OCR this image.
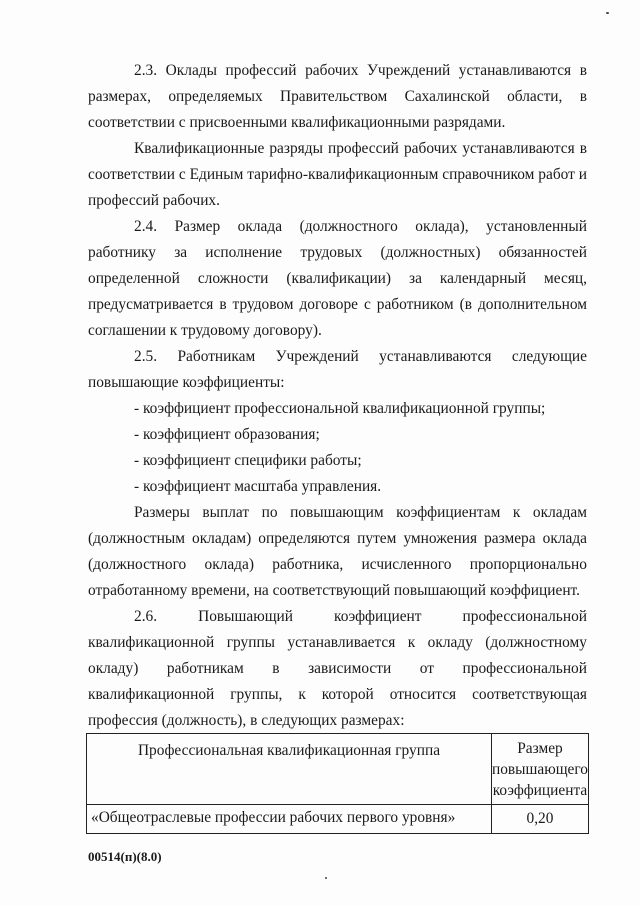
2.3. Оклады профессий рабочих Учреждений устанавливаются в размерах, определяемых Правительством Сахалинской области, в соответствии с присвоенными квалификационными разрядами.

Квалификационные разряды профессий рабочих устанавливаются в соответствии с Единым тарифно-квалификационным справочником работ и профессий рабочих.

2.4. Размер оклада (должностного оклада), установленный работнику за исполнение трудовых (должностных) обязанностей определенной сложности (квалификации) за календарный месяц, предусматривается в трудовом договоре с работником (в дополнительном соглашении к трудовому договору).

2.5. Работникам Учреждений устанавливаются следующие повышающие коэффициенты:

- коэффициент профессиональной квалификационной группы;

- коэффициент образования;

- коэффициент специфики работы;

- коэффициент масштаба управления.

Размеры выплат по повышающим коэффициентам к окладам (должностным окладам) определяются путем умножения размера оклада (должностного оклада) работника, исчисленного пропорционально отработанному времени, на соответствующий повышающий коэффициент.

2.6. Повышающий коэффициент профессиональной квалификационной группы устанавливается к окладу (должностному окладу) работникам в зависимости от профессиональной квалификационной группы, к которой относится соответствующая профессия (должность), в следующих размерах:

Профессиональная квалификационная группа	Размер повышающего коэффициента
«Общеотраслевые профессии рабочих первого уровня»	0,20
00514(п)(8.0)
